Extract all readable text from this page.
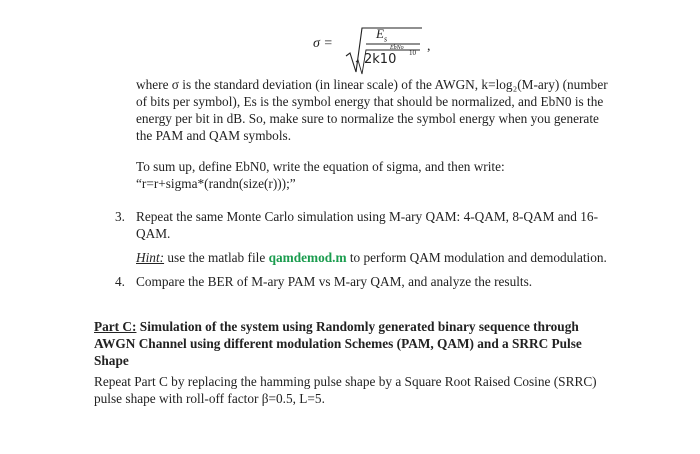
σ =
$E_s$
EbNo
2k10 10 ,

where σ is the standard deviation (in linear scale) of the AWGN, k=log₂(M-ary) (number of bits per symbol), Es is the symbol energy that should be normalized, and EbN0 is the energy per bit in dB. So, make sure to normalize the symbol energy when you generate the PAM and QAM symbols.

To sum up, define EbN0, write the equation of sigma, and then write:
“r=r+sigma*(randn(size(r)));”
3. Repeat the same Monte Carlo simulation using M-ary QAM: 4-QAM, 8-QAM and 16-QAM.
Hint: use the matlab file qamdemod.m to perform QAM modulation and demodulation.
4. Compare the BER of M-ary PAM vs M-ary QAM, and analyze the results.
Part C: Simulation of the system using Randomly generated binary sequence through AWGN Channel using different modulation Schemes (PAM, QAM) and a SRRC Pulse Shape

Repeat Part C by replacing the hamming pulse shape by a Square Root Raised Cosine (SRRC) pulse shape with roll-off factor β=0.5, L=5.
